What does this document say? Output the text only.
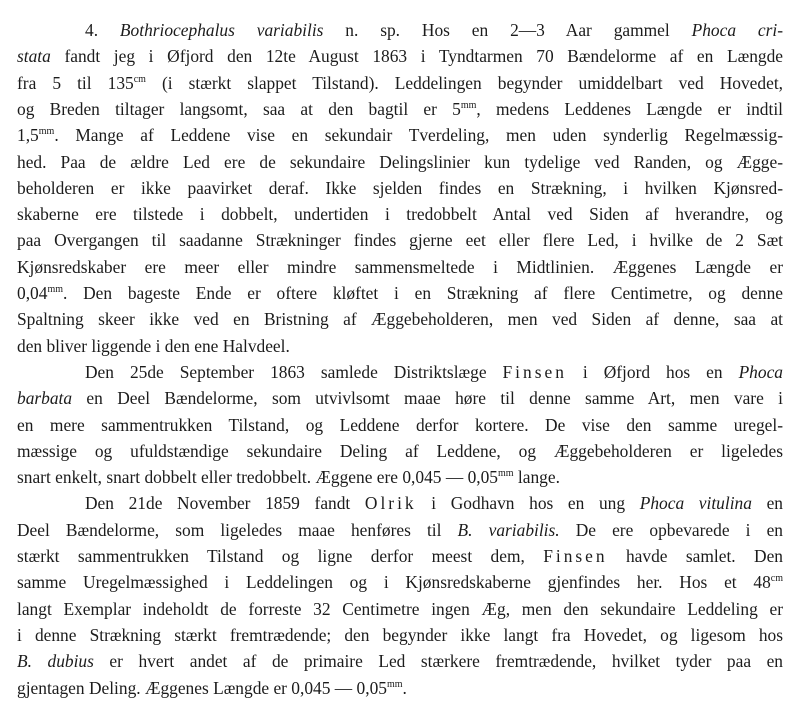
4. Bothriocephalus variabilis n. sp. Hos en 2—3 Aar gammel Phoca cri-
stata fandt jeg i Øfjord den 12te August 1863 i Tyndtarmen 70 Bændelorme af en Længde
fra 5 til $135^{cm}$ (i stærkt slappet Tilstand). Leddelingen begynder umiddelbart ved Hovedet,
og Breden tiltager langsomt, saa at den bagtil er $5^{mm}$, medens Leddenes Længde er indtil
$1,5^{mm}$. Mange af Leddene vise en sekundair Tverdeling, men uden synderlig Regelmæssig-
hed. Paa de ældre Led ere de sekundaire Delingslinier kun tydelige ved Randen, og Ægge-
beholderen er ikke paavirket deraf. Ikke sjelden findes en Strækning, i hvilken Kjønsred-
skaberne ere tilstede i dobbelt, undertiden i tredobbelt Antal ved Siden af hverandre, og
paa Overgangen til saadanne Strækninger findes gjerne eet eller flere Led, i hvilke de 2 Sæt
Kjønsredskaber ere meer eller mindre sammensmeltede i Midtlinien. Æggenes Længde er
$0,04^{mm}$. Den bageste Ende er oftere kløftet i en Strækning af flere Centimetre, og denne
Spaltning skeer ikke ved en Bristning af Æggebeholderen, men ved Siden af denne, saa at
den bliver liggende i den ene Halvdeel.
Den 25de September 1863 samlede Distriktslæge Finsen i Øfjord hos en Phoca
barbata en Deel Bændelorme, som utvivlsomt maae høre til denne samme Art, men vare i
en mere sammentrukken Tilstand, og Leddene derfor kortere. De vise den samme uregel-
mæssige og ufuldstændige sekundaire Deling af Leddene, og Æggebeholderen er ligeledes
snart enkelt, snart dobbelt eller tredobbelt. Æggene ere 0,045 — $0,05^{mm}$ lange.
Den 21de November 1859 fandt Olrik i Godhavn hos en ung Phoca vitulina en
Deel Bændelorme, som ligeledes maae henføres til B. variabilis. De ere opbevarede i en
stærkt sammentrukken Tilstand og ligne derfor meest dem, Finsen havde samlet. Den
samme Uregelmæssighed i Leddelingen og i Kjønsredskaberne gjenfindes her. Hos et $48^{cm}$
langt Exemplar indeholdt de forreste 32 Centimetre ingen Æg, men den sekundaire Leddeling er
i denne Strækning stærkt fremtrædende; den begynder ikke langt fra Hovedet, og ligesom hos
B. dubius er hvert andet af de primaire Led stærkere fremtrædende, hvilket tyder paa en
gjentagen Deling. Æggenes Længde er 0,045 — $0,05^{mm}$.
